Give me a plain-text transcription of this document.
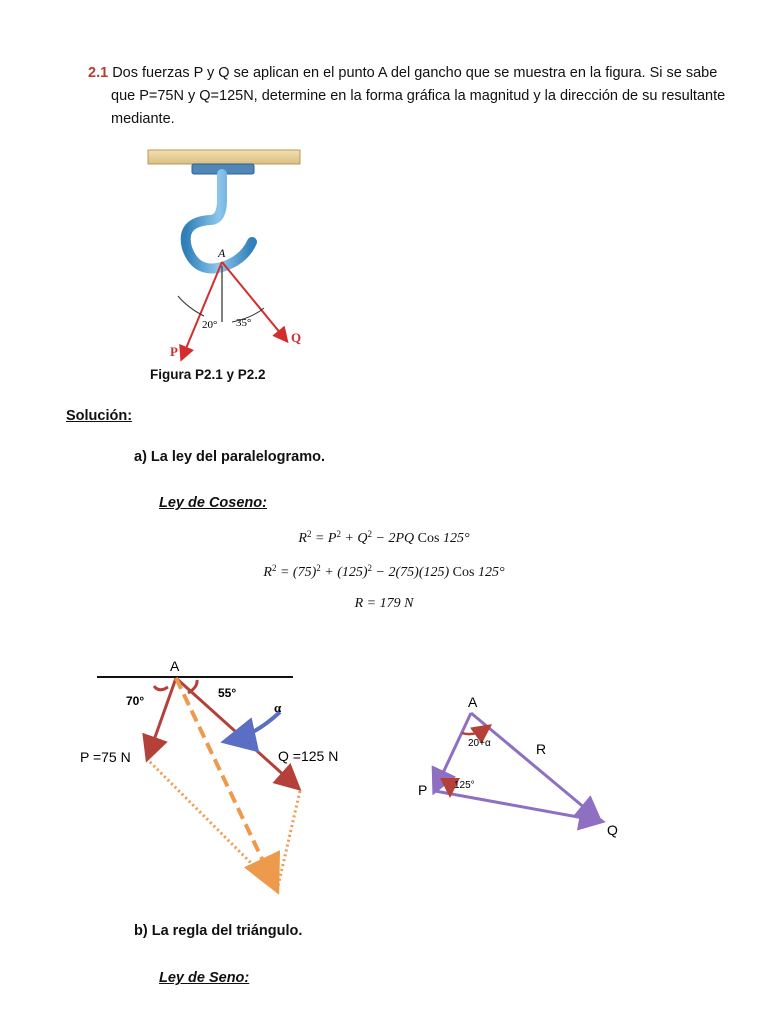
2.1 Dos fuerzas P y Q se aplican en el punto A del gancho que se muestra en la figura. Si se sabe
que P=75N y Q=125N, determine en la forma gráfica la magnitud y la dirección de su resultante
mediante.
A
20° 35°
P
Q
Figura P2.1 y P2.2
Solución:
a) La ley del paralelogramo.
Ley de Coseno:
$R^2 = P^2 + Q^2 - 2PQ$ Cos 125°
$R^2 = (75)^2 + (125)^2 - 2(75)(125)$ Cos 125°
R = 179 N
A
70°
55°
α
P =75 N	Q =125 N
A
R
P
Q
20+α
125°
b) La regla del triángulo.
Ley de Seno:
